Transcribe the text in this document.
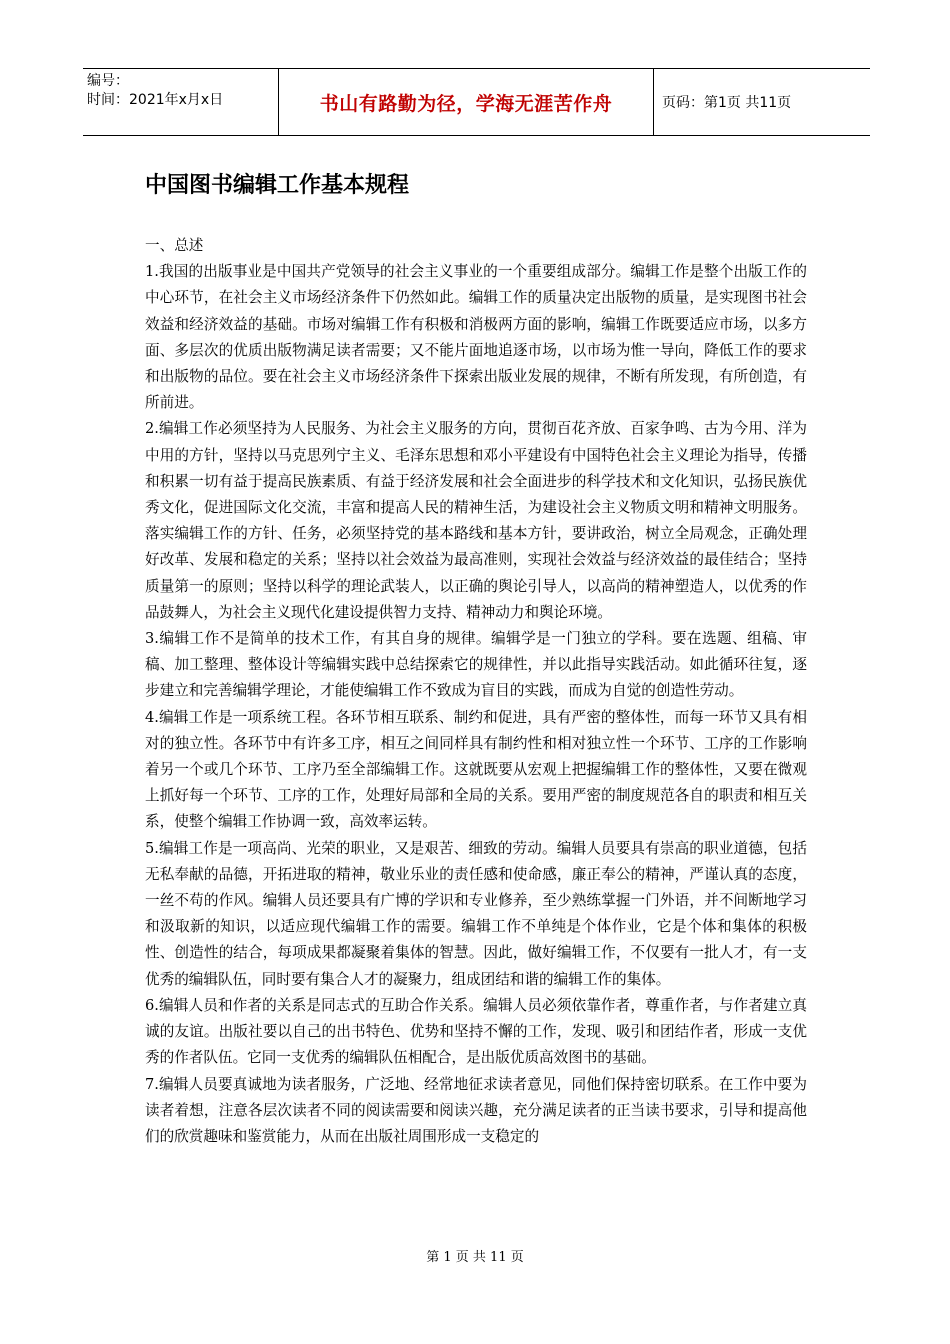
编号：
时间：2021年x月x日	书山有路勤为径，学海无涯苦作舟	页码：第1页 共11页
中国图书编辑工作基本规程

一、总述

1.我国的出版事业是中国共产党领导的社会主义事业的一个重要组成部分。编辑工作是整个出版工作的中心环节，在社会主义市场经济条件下仍然如此。编辑工作的质量决定出版物的质量，是实现图书社会效益和经济效益的基础。市场对编辑工作有积极和消极两方面的影响，编辑工作既要适应市场，以多方面、多层次的优质出版物满足读者需要；又不能片面地追逐市场，以市场为惟一导向，降低工作的要求和出版物的品位。要在社会主义市场经济条件下探索出版业发展的规律，不断有所发现，有所创造，有所前进。

2.编辑工作必须坚持为人民服务、为社会主义服务的方向，贯彻百花齐放、百家争鸣、古为今用、洋为中用的方针，坚持以马克思列宁主义、毛泽东思想和邓小平建设有中国特色社会主义理论为指导，传播和积累一切有益于提高民族素质、有益于经济发展和社会全面进步的科学技术和文化知识，弘扬民族优秀文化，促进国际文化交流，丰富和提高人民的精神生活，为建设社会主义物质文明和精神文明服务。落实编辑工作的方针、任务，必须坚持党的基本路线和基本方针，要讲政治，树立全局观念，正确处理好改革、发展和稳定的关系；坚持以社会效益为最高准则，实现社会效益与经济效益的最佳结合；坚持质量第一的原则；坚持以科学的理论武装人，以正确的舆论引导人，以高尚的精神塑造人，以优秀的作品鼓舞人，为社会主义现代化建设提供智力支持、精神动力和舆论环境。

3.编辑工作不是简单的技术工作，有其自身的规律。编辑学是一门独立的学科。要在选题、组稿、审稿、加工整理、整体设计等编辑实践中总结探索它的规律性，并以此指导实践活动。如此循环往复，逐步建立和完善编辑学理论，才能使编辑工作不致成为盲目的实践，而成为自觉的创造性劳动。

4.编辑工作是一项系统工程。各环节相互联系、制约和促进，具有严密的整体性，而每一环节又具有相对的独立性。各环节中有许多工序，相互之间同样具有制约性和相对独立性一个环节、工序的工作影响着另一个或几个环节、工序乃至全部编辑工作。这就既要从宏观上把握编辑工作的整体性，又要在微观上抓好每一个环节、工序的工作，处理好局部和全局的关系。要用严密的制度规范各自的职责和相互关系，使整个编辑工作协调一致，高效率运转。

5.编辑工作是一项高尚、光荣的职业，又是艰苦、细致的劳动。编辑人员要具有崇高的职业道德，包括无私奉献的品德，开拓进取的精神，敬业乐业的责任感和使命感，廉正奉公的精神，严谨认真的态度，一丝不苟的作风。编辑人员还要具有广博的学识和专业修养，至少熟练掌握一门外语，并不间断地学习和汲取新的知识，以适应现代编辑工作的需要。编辑工作不单纯是个体作业，它是个体和集体的积极性、创造性的结合，每项成果都凝聚着集体的智慧。因此，做好编辑工作，不仅要有一批人才，有一支优秀的编辑队伍，同时要有集合人才的凝聚力，组成团结和谐的编辑工作的集体。

6.编辑人员和作者的关系是同志式的互助合作关系。编辑人员必须依靠作者，尊重作者，与作者建立真诚的友谊。出版社要以自己的出书特色、优势和坚持不懈的工作，发现、吸引和团结作者，形成一支优秀的作者队伍。它同一支优秀的编辑队伍相配合，是出版优质高效图书的基础。

7.编辑人员要真诚地为读者服务，广泛地、经常地征求读者意见，同他们保持密切联系。在工作中要为读者着想，注意各层次读者不同的阅读需要和阅读兴趣，充分满足读者的正当读书要求，引导和提高他们的欣赏趣味和鉴赏能力，从而在出版社周围形成一支稳定的

第 1 页 共 11 页
